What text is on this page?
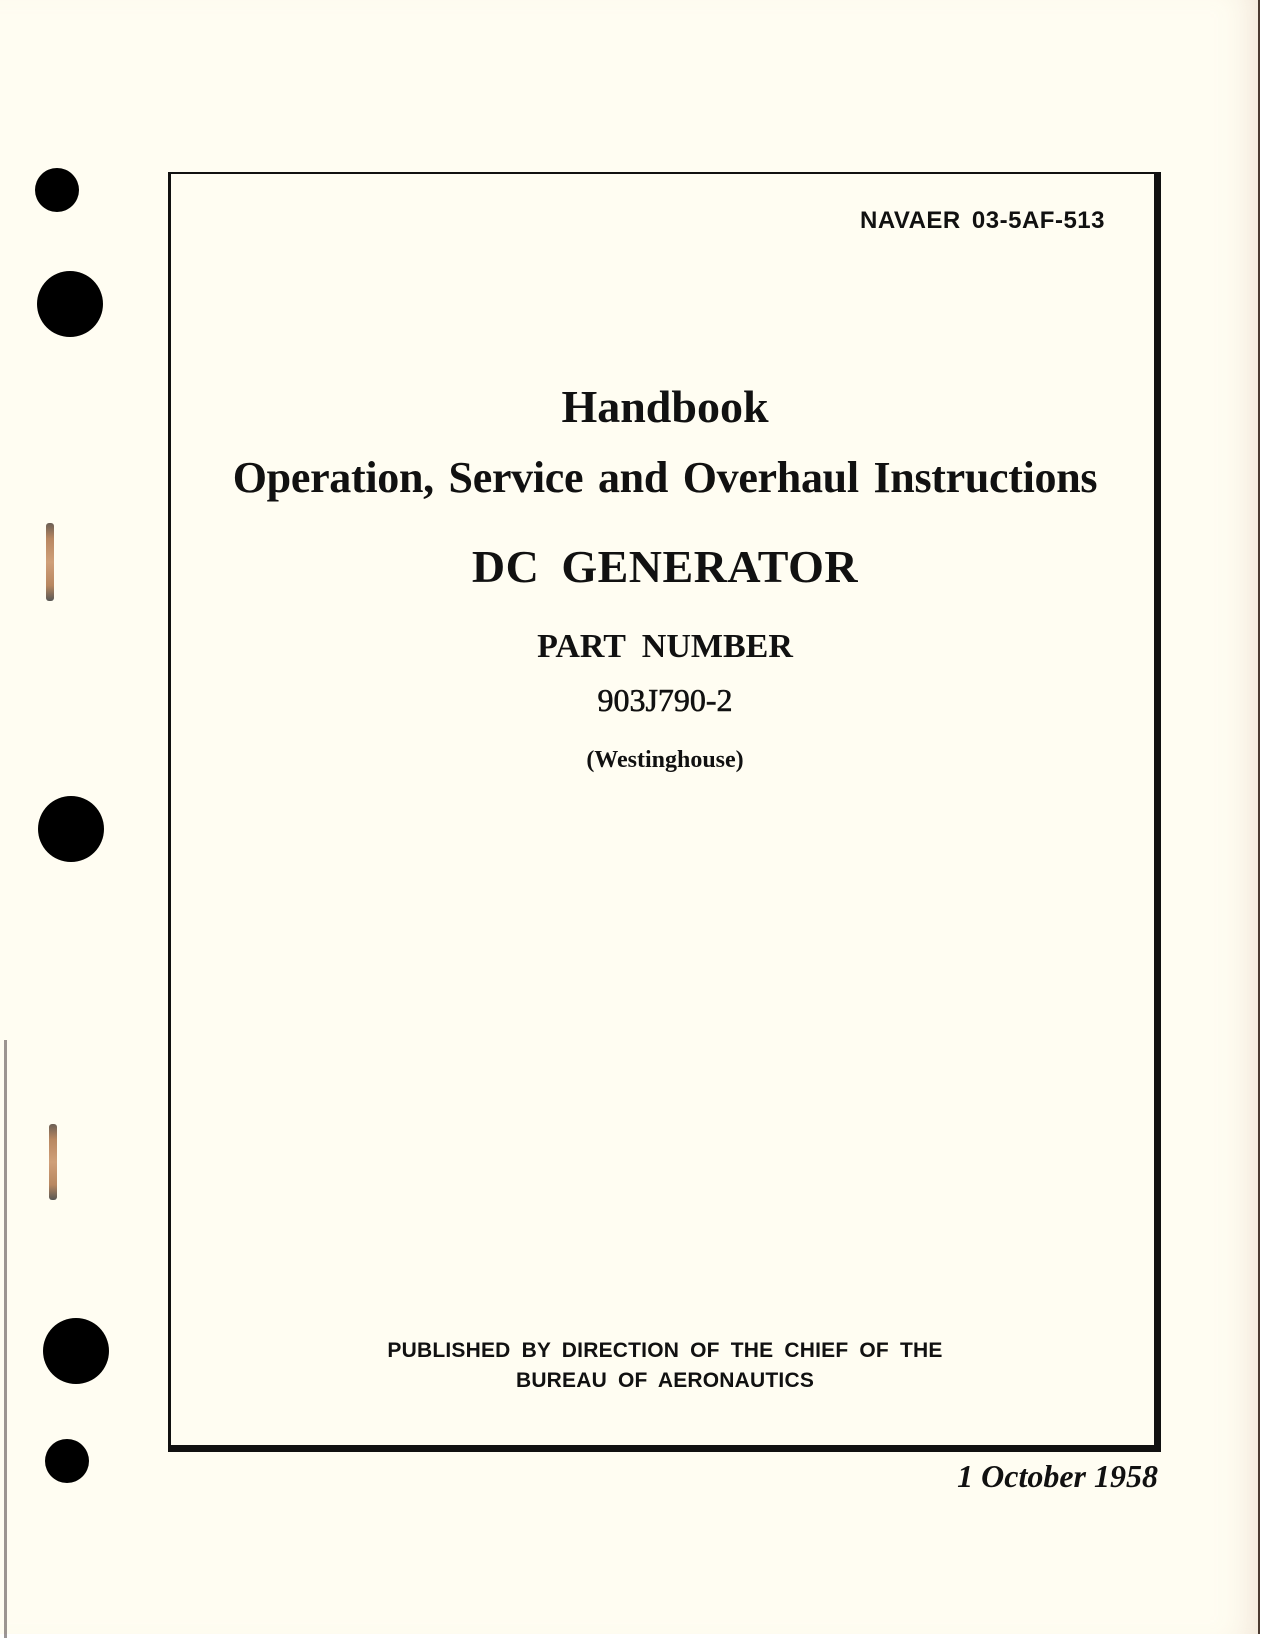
NAVAER 03-5AF-513
Handbook
Operation, Service and Overhaul Instructions
DC GENERATOR
PART NUMBER
903J790-2
(Westinghouse)
PUBLISHED BY DIRECTION OF THE CHIEF OF THE
BUREAU OF AERONAUTICS
1 October 1958
